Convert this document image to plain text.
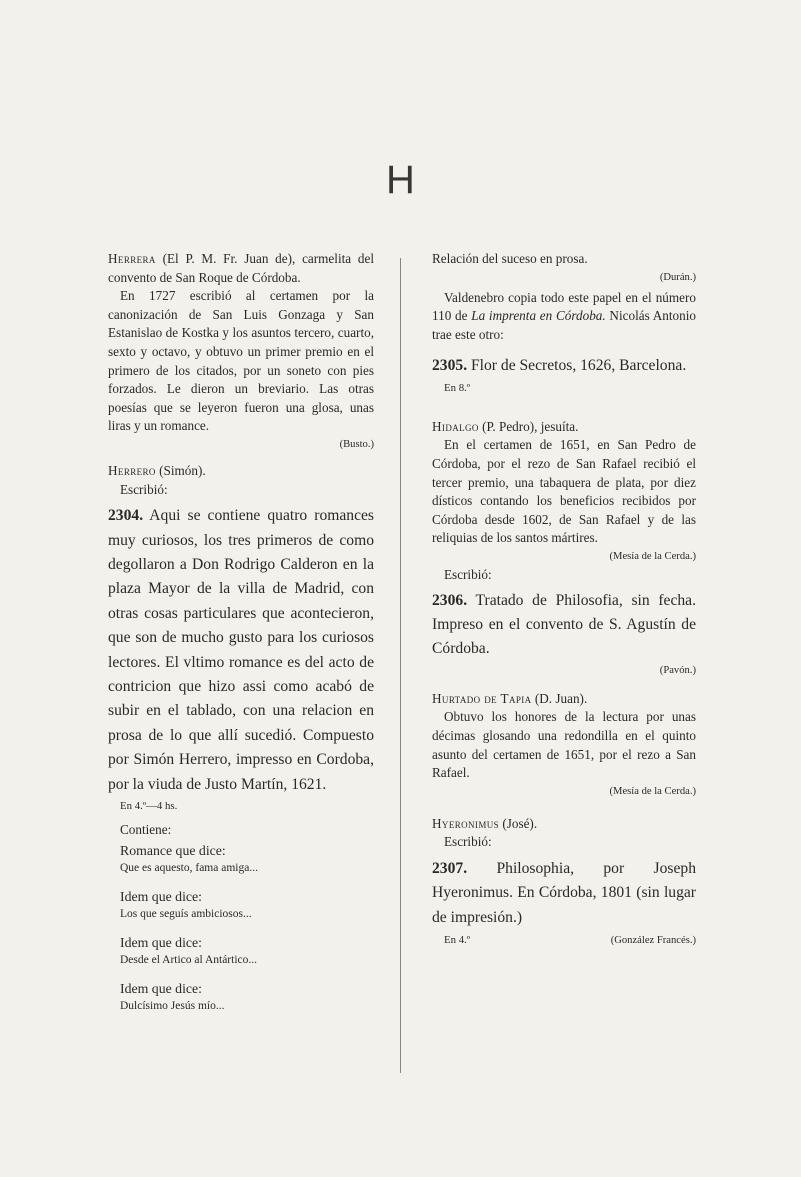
H

Herrera (El P. M. Fr. Juan de), carmelita del convento de San Roque de Córdoba.

En 1727 escribió al certamen por la canonización de San Luis Gonzaga y San Estanislao de Kostka y los asuntos tercero, cuarto, sexto y octavo, y obtuvo un primer premio en el primero de los citados, por un soneto con pies forzados. Le dieron un breviario. Las otras poesías que se leyeron fueron una glosa, unas liras y un romance.

(Busto.)

Herrero (Simón).

Escribió:

2304. Aqui se contiene quatro romances muy curiosos, los tres primeros de como degollaron a Don Rodrigo Calderon en la plaza Mayor de la villa de Madrid, con otras cosas particulares que acontecieron, que son de mucho gusto para los curiosos lectores. El vltimo romance es del acto de contricion que hizo assi como acabó de subir en el tablado, con una relacion en prosa de lo que allí sucedió. Compuesto por Simón Herrero, impresso en Cordoba, por la viuda de Justo Martín, 1621.

En 4.º—4 hs.

Contiene:

Romance que dice:

Que es aquesto, fama amiga...

Idem que dice:

Los que seguís ambiciosos...

Idem que dice:

Desde el Artico al Antártico...

Idem que dice:

Dulcísimo Jesús mío...

Relación del suceso en prosa.

(Durán.)

Valdenebro copia todo este papel en el número 110 de La imprenta en Córdoba. Nicolás Antonio trae este otro:

2305. Flor de Secretos, 1626, Barcelona.

En 8.º

Hidalgo (P. Pedro), jesuíta.

En el certamen de 1651, en San Pedro de Córdoba, por el rezo de San Rafael recibió el tercer premio, una tabaquera de plata, por diez dísticos contando los beneficios recibidos por Córdoba desde 1602, de San Rafael y de las reliquias de los santos mártires.

(Mesía de la Cerda.)

Escribió:

2306. Tratado de Philosofia, sin fecha. Impreso en el convento de S. Agustín de Córdoba.

(Pavón.)

Hurtado de Tapia (D. Juan).

Obtuvo los honores de la lectura por unas décimas glosando una redondilla en el quinto asunto del certamen de 1651, por el rezo a San Rafael.

(Mesía de la Cerda.)

Hyeronimus (José).

Escribió:

2307. Philosophia, por Joseph Hyeronimus. En Córdoba, 1801 (sin lugar de impresión.)

En 4.º	(González Francés.)
